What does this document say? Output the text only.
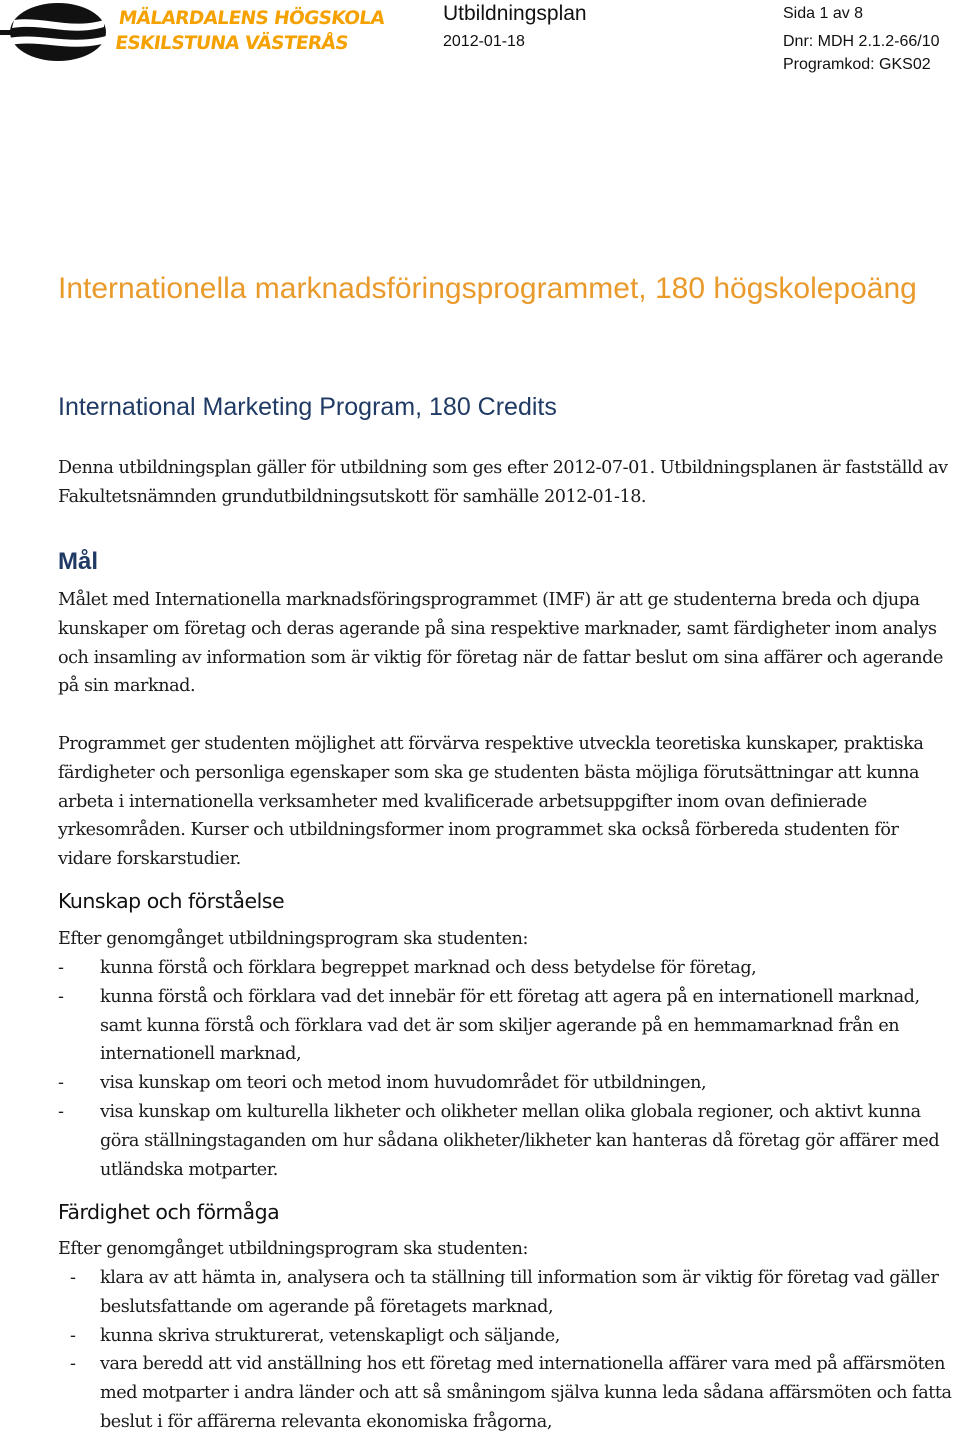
MÄLARDALENS HÖGSKOLA
ESKILSTUNA VÄSTERÅS
Utbildningsplan
2012-01-18
Sida 1 av 8
Dnr: MDH 2.1.2-66/10
Programkod: GKS02
Internationella marknadsföringsprogrammet, 180 högskolepoäng
International Marketing Program, 180 Credits

Denna utbildningsplan gäller för utbildning som ges efter 2012-07-01. Utbildningsplanen är fastställd av Fakultetsnämnden grundutbildningsutskott för samhälle 2012-01-18.

Mål

Målet med Internationella marknadsföringsprogrammet (IMF) är att ge studenterna breda och djupa kunskaper om företag och deras agerande på sina respektive marknader, samt färdigheter inom analys och insamling av information som är viktig för företag när de fattar beslut om sina affärer och agerande på sin marknad.

Programmet ger studenten möjlighet att förvärva respektive utveckla teoretiska kunskaper, praktiska färdigheter och personliga egenskaper som ska ge studenten bästa möjliga förutsättningar att kunna arbeta i internationella verksamheter med kvalificerade arbetsuppgifter inom ovan definierade yrkesområden. Kurser och utbildningsformer inom programmet ska också förbereda studenten för vidare forskarstudier.

Kunskap och förståelse

Efter genomgånget utbildningsprogram ska studenten:

- kunna förstå och förklara begreppet marknad och dess betydelse för företag,
- kunna förstå och förklara vad det innebär för ett företag att agera på en internationell marknad, samt kunna förstå och förklara vad det är som skiljer agerande på en hemmamarknad från en internationell marknad,
- visa kunskap om teori och metod inom huvudområdet för utbildningen,
- visa kunskap om kulturella likheter och olikheter mellan olika globala regioner, och aktivt kunna göra ställningstaganden om hur sådana olikheter/likheter kan hanteras då företag gör affärer med utländska motparter.
Färdighet och förmåga

Efter genomgånget utbildningsprogram ska studenten:

- klara av att hämta in, analysera och ta ställning till information som är viktig för företag vad gäller beslutsfattande om agerande på företagets marknad,
- kunna skriva strukturerat, vetenskapligt och säljande,
- vara beredd att vid anställning hos ett företag med internationella affärer vara med på affärsmöten med motparter i andra länder och att så småningom själva kunna leda sådana affärsmöten och fatta beslut i för affärerna relevanta ekonomiska frågorna,
